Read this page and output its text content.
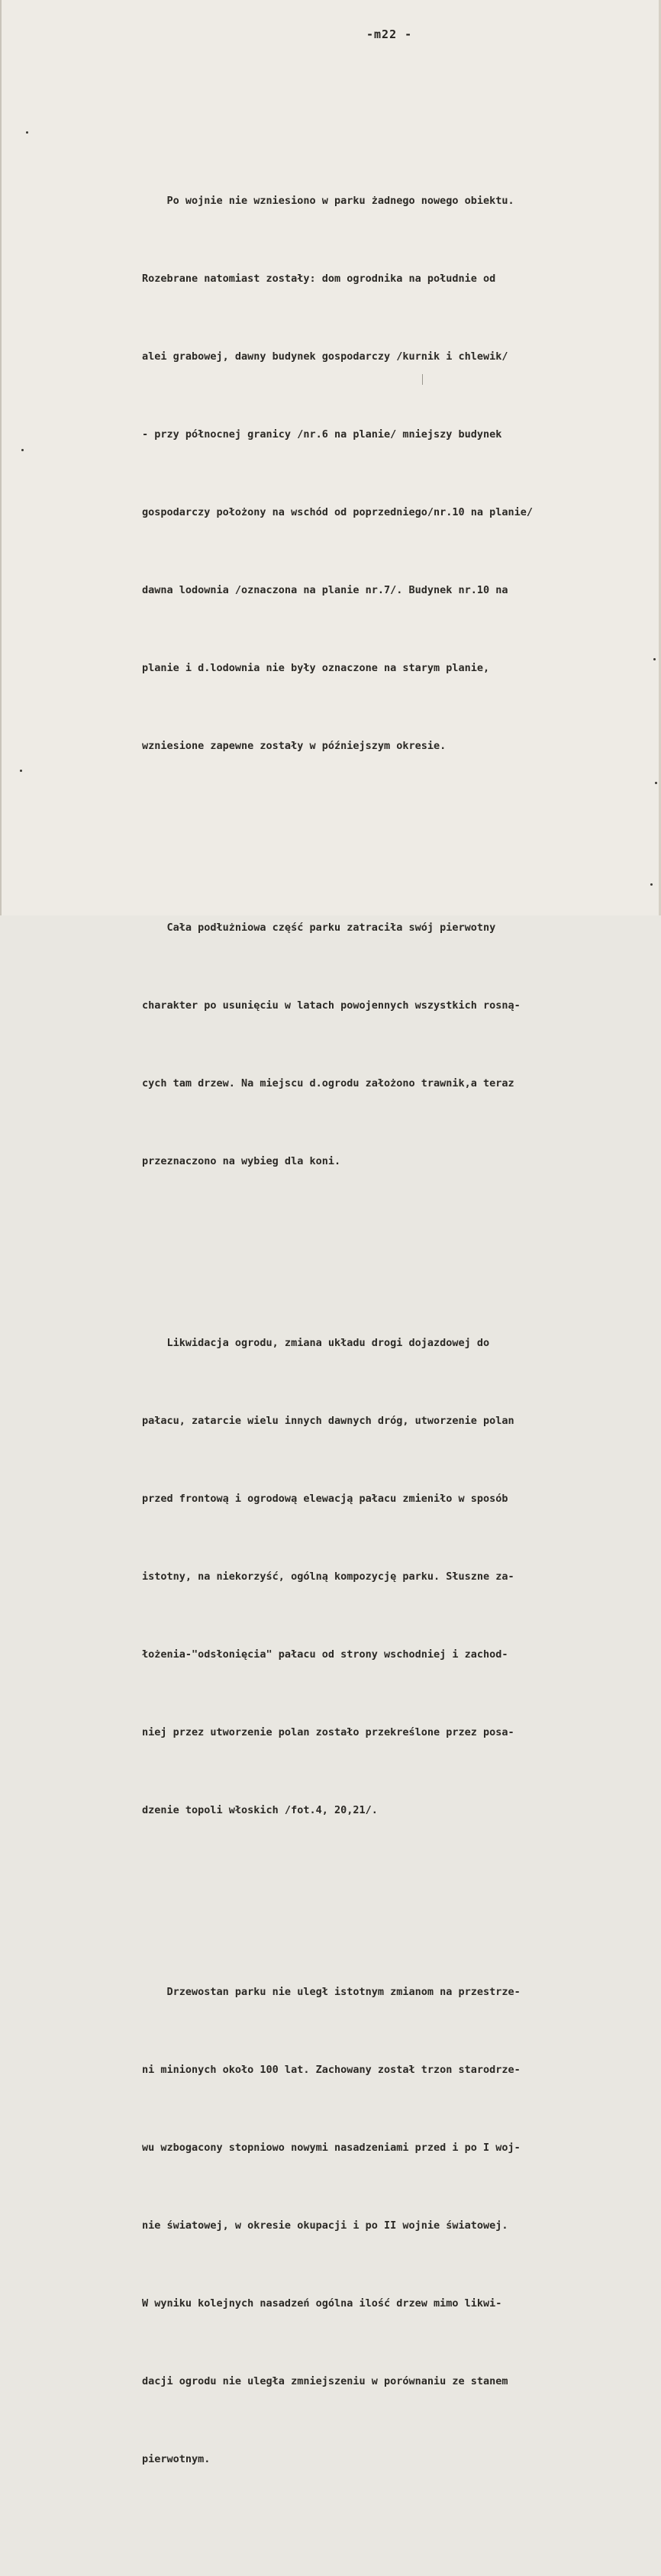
-m22 -

Po wojnie nie wzniesiono w parku żadnego nowego obiektu.

Rozebrane natomiast zostały: dom ogrodnika na południe od

alei grabowej, dawny budynek gospodarczy /kurnik i chlewik/

- przy północnej granicy /nr.6 na planie/ mniejszy budynek

gospodarczy położony na wschód od poprzedniego/nr.10 na planie/

dawna lodownia /oznaczona na planie nr.7/. Budynek nr.10 na

planie i d.lodownia nie były oznaczone na starym planie,

wzniesione zapewne zostały w późniejszym okresie.

Cała podłużniowa część parku zatraciła swój pierwotny

charakter po usunięciu w latach powojennych wszystkich rosną-

cych tam drzew. Na miejscu d.ogrodu założono trawnik,a teraz

przeznaczono na wybieg dla koni.

Likwidacja ogrodu, zmiana układu drogi dojazdowej do

pałacu, zatarcie wielu innych dawnych dróg, utworzenie polan

przed frontową i ogrodową elewacją pałacu zmieniło w sposób

istotny, na niekorzyść, ogólną kompozycję parku. Słuszne za-

łożenia-"odsłonięcia" pałacu od strony wschodniej i zachod-

niej przez utworzenie polan zostało przekreślone przez posa-

dzenie topoli włoskich /fot.4, 20,21/.

Drzewostan parku nie uległ istotnym zmianom na przestrze-

ni minionych około 100 lat. Zachowany został trzon starodrze-

wu wzbogacony stopniowo nowymi nasadzeniami przed i po I woj-

nie światowej, w okresie okupacji i po II wojnie światowej.

W wyniku kolejnych nasadzeń ogólna ilość drzew mimo likwi-

dacji ogrodu nie uległa zmniejszeniu w porównaniu ze stanem

pierwotnym.
